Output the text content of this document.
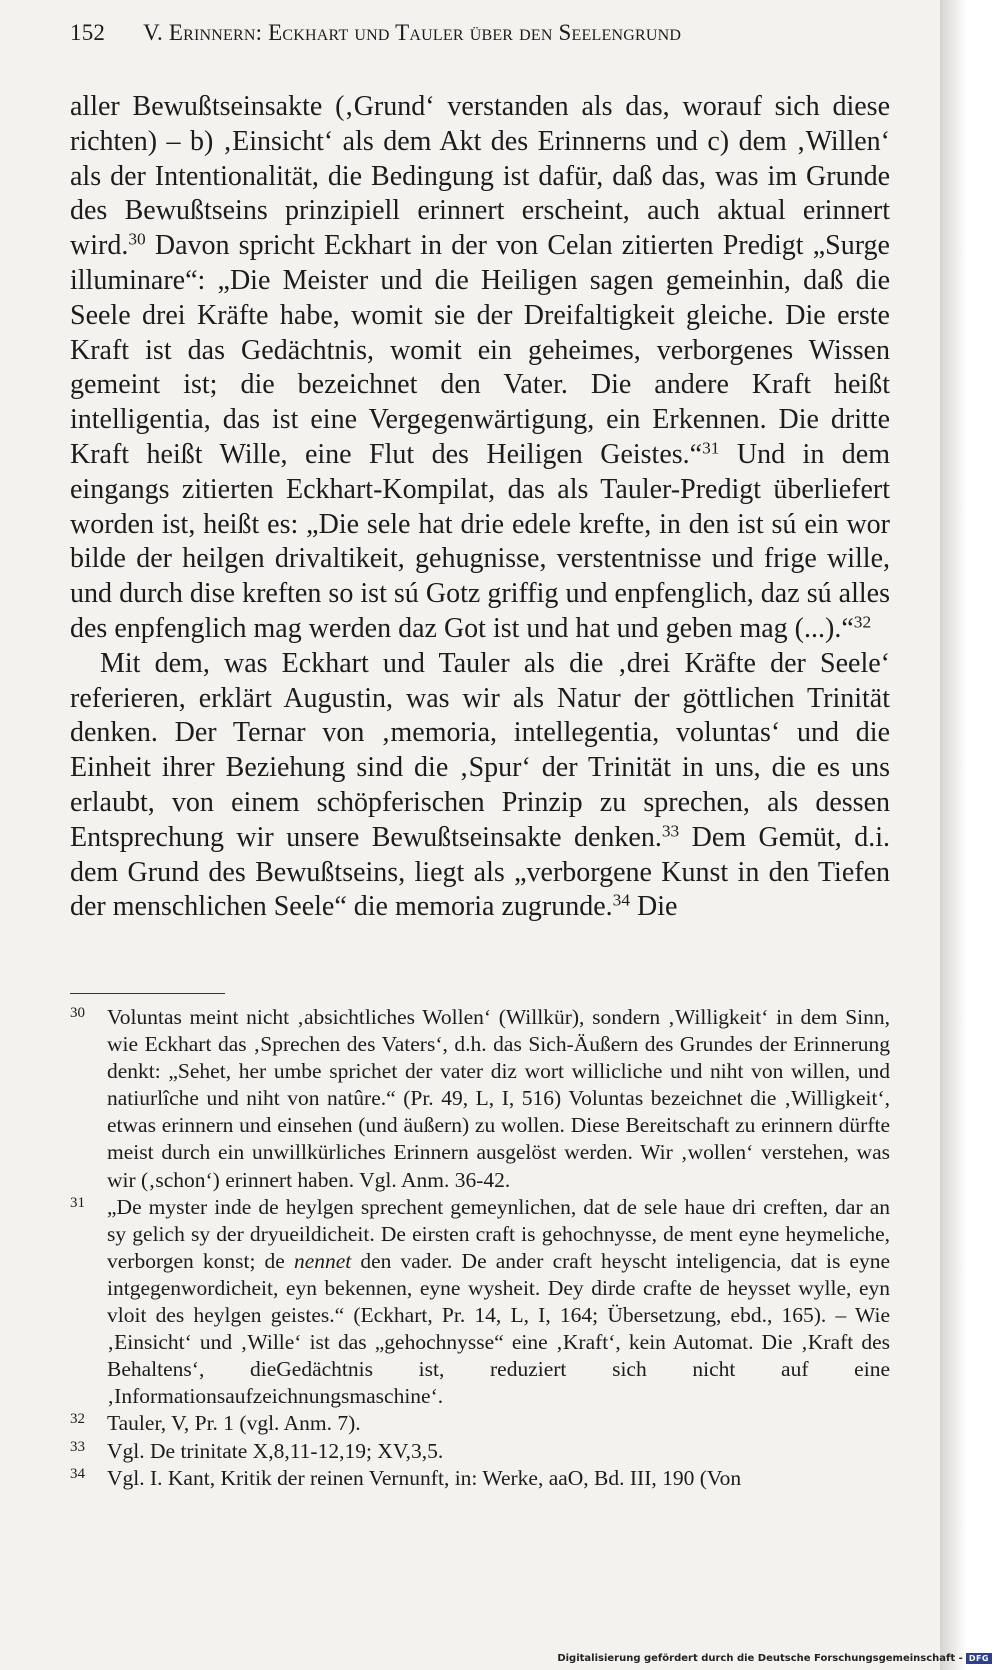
152 V. Erinnern: Eckhart und Tauler über den Seelengrund

aller Bewußtseinsakte (‚Grund‘ verstanden als das, worauf sich diese richten) – b) ‚Einsicht‘ als dem Akt des Erinnerns und c) dem ‚Willen‘ als der Intentionalität, die Bedingung ist dafür, daß das, was im Grunde des Bewußtseins prinzipiell erinnert erscheint, auch aktual erinnert wird.$^{30}$ Davon spricht Eckhart in der von Celan zitierten Predigt „Surge illuminare“: „Die Meister und die Heiligen sagen gemeinhin, daß die Seele drei Kräfte habe, womit sie der Dreifaltigkeit gleiche. Die erste Kraft ist das Gedächtnis, womit ein geheimes, verborgenes Wissen gemeint ist; die bezeichnet den Vater. Die andere Kraft heißt intelligentia, das ist eine Vergegenwärtigung, ein Erkennen. Die dritte Kraft heißt Wille, eine Flut des Heiligen Geistes.“$^{31}$ Und in dem eingangs zitierten Eckhart-Kompilat, das als Tauler-Predigt überliefert worden ist, heißt es: „Die sele hat drie edele krefte, in den ist sú ein wor bilde der heilgen drivaltikeit, gehugnisse, verstentnisse und frige wille, und durch dise kreften so ist sú Gotz griffig und enpfenglich, daz sú alles des enpfenglich mag werden daz Got ist und hat und geben mag (...).“$^{32}$

Mit dem, was Eckhart und Tauler als die ‚drei Kräfte der Seele‘ referieren, erklärt Augustin, was wir als Natur der göttlichen Trinität denken. Der Ternar von ‚memoria, intellegentia, voluntas‘ und die Einheit ihrer Beziehung sind die ‚Spur‘ der Trinität in uns, die es uns erlaubt, von einem schöpferischen Prinzip zu sprechen, als dessen Entsprechung wir unsere Bewußtseinsakte denken.$^{33}$ Dem Gemüt, d.i. dem Grund des Bewußtseins, liegt als „verborgene Kunst in den Tiefen der menschlichen Seele“ die memoria zugrunde.$^{34}$ Die

30 Voluntas meint nicht ‚absichtliches Wollen‘ (Willkür), sondern ‚Willigkeit‘ in dem Sinn, wie Eckhart das ‚Sprechen des Vaters‘, d.h. das Sich-Äußern des Grundes der Erinnerung denkt: „Sehet, her umbe sprichet der vater diz wort willicliche und niht von willen, und natiurlîche und niht von natûre.“ (Pr. 49, L, I, 516) Voluntas bezeichnet die ‚Willigkeit‘, etwas erinnern und einsehen (und äußern) zu wollen. Diese Bereitschaft zu erinnern dürfte meist durch ein unwillkürliches Erinnern ausgelöst werden. Wir ‚wollen‘ verstehen, was wir (‚schon‘) erinnert haben. Vgl. Anm. 36-42.
31 „De myster inde de heylgen sprechent gemeynlichen, dat de sele haue dri creften, dar an sy gelich sy der dryueildicheit. De eirsten craft is gehochnysse, de ment eyne heymeliche, verborgen konst; de nennet den vader. De ander craft heyscht inteligencia, dat is eyne intgegenwordicheit, eyn bekennen, eyne wysheit. Dey dirde crafte de heysset wylle, eyn vloit des heylgen geistes.“ (Eckhart, Pr. 14, L, I, 164; Übersetzung, ebd., 165). – Wie ‚Einsicht‘ und ‚Wille‘ ist das „gehochnysse“ eine ‚Kraft‘, kein Automat. Die ‚Kraft des Behaltens‘, dieGedächtnis ist, reduziert sich nicht auf eine ‚Informationsaufzeichnungsmaschine‘.
32 Tauler, V, Pr. 1 (vgl. Anm. 7).
33 Vgl. De trinitate X,8,11-12,19; XV,3,5.
34 Vgl. I. Kant, Kritik der reinen Vernunft, in: Werke, aaO, Bd. III, 190 (Von
Digitalisierung gefördert durch die Deutsche Forschungsgemeinschaft - DFG
